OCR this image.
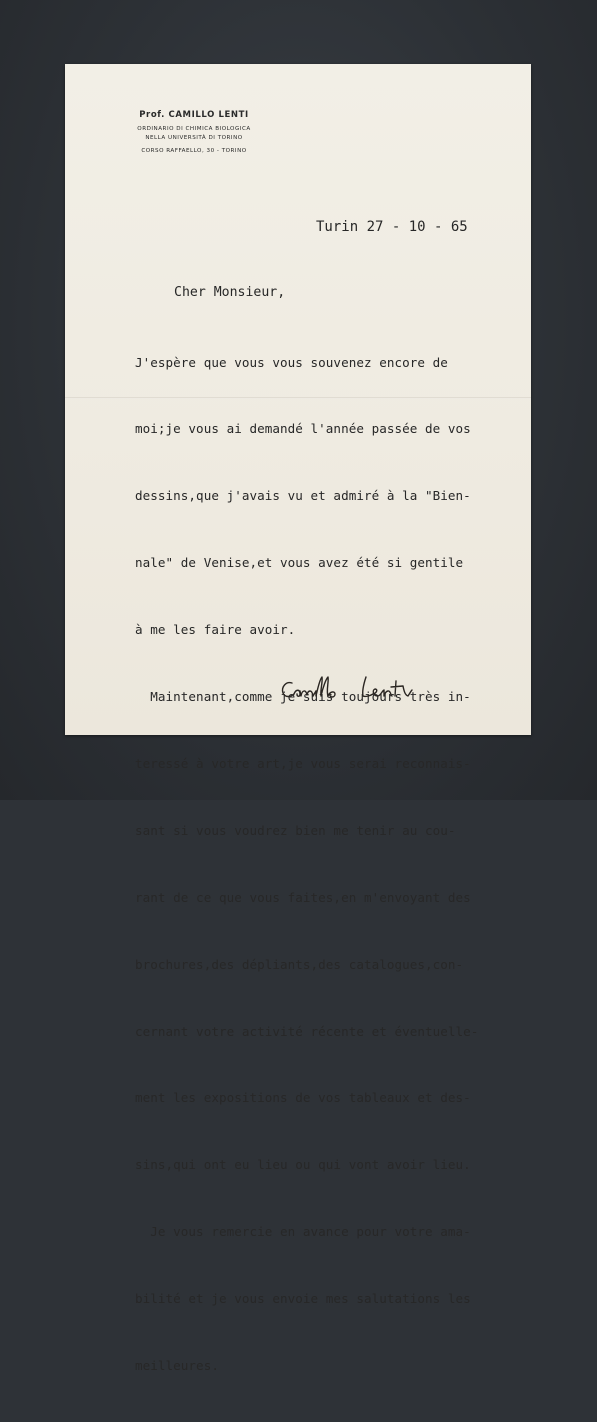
Prof. CAMILLO LENTI
ORDINARIO DI CHIMICA BIOLOGICA
NELLA UNIVERSITÀ DI TORINO
CORSO RAFFAELLO, 30 - TORINO
Turin 27 - 10 - 65
Cher Monsieur,

J'espère que vous vous souvenez encore de

moi;je vous ai demandé l'année passée de vos

dessins,que j'avais vu et admiré à la "Bien-

nale" de Venise,et vous avez été si gentile

à me les faire avoir.

Maintenant,comme je suis toujours très in-

teressé à votre art,je vous serai reconnais-

sant si vous voudrez bien me tenir au cou-

rant de ce que vous faites,en m'envoyant des

brochures,des dépliants,des catalogues,con-

cernant votre activité récente et éventuelle-

ment les expositions de vos tableaux et des-

sins,qui ont eu lieu ou qui vont avoir lieu.

Je vous remercie en avance pour votre ama-

bilité et je vous envoie mes salutations les

meilleures.
